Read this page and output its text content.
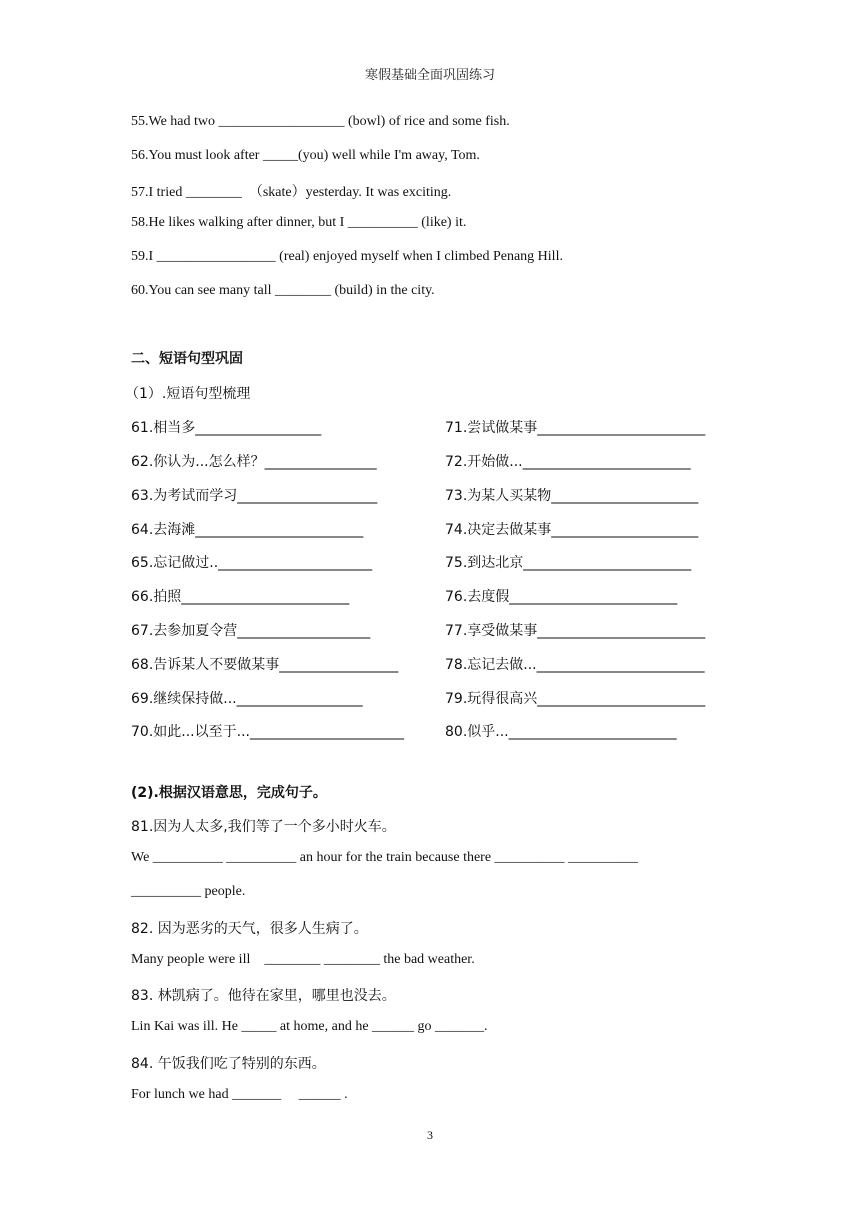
寒假基础全面巩固练习
55.We had two __________________ (bowl) of rice and some fish.
56.You must look after _____(you) well while I'm away, Tom.
57.I tried ________  （skate）yesterday. It was exciting.
58.He likes walking after dinner, but I __________ (like) it.
59.I _________________ (real) enjoyed myself when I climbed Penang Hill.
60.You can see many tall ________ (build) in the city.
二、短语句型巩固
（1）.短语句型梳理
61.相当多__________________	71.尝试做某事________________________
62.你认为...怎么样？________________	72.开始做...________________________
63.为考试而学习____________________	73.为某人买某物_____________________
64.去海滩________________________	74.决定去做某事_____________________
65.忘记做过..______________________	75.到达北京________________________
66.拍照________________________	76.去度假________________________
67.去参加夏令营___________________	77.享受做某事________________________
68.告诉某人不要做某事_________________	78.忘记去做...________________________
69.继续保持做...__________________	79.玩得很高兴________________________
70.如此...以至于...______________________	80.似乎...________________________
(2).根据汉语意思，完成句子。
81.因为人太多,我们等了一个多小时火车。
We __________ __________ an hour for the train because there __________ __________
__________ people.
82. 因为恶劣的天气，很多人生病了。
Many people were ill    ________ ________ the bad weather.
83. 林凯病了。他待在家里，哪里也没去。
Lin Kai was ill. He _____ at home, and he ______ go _______.
84. 午饭我们吃了特别的东西。
For lunch we had _______     ______ .
3
